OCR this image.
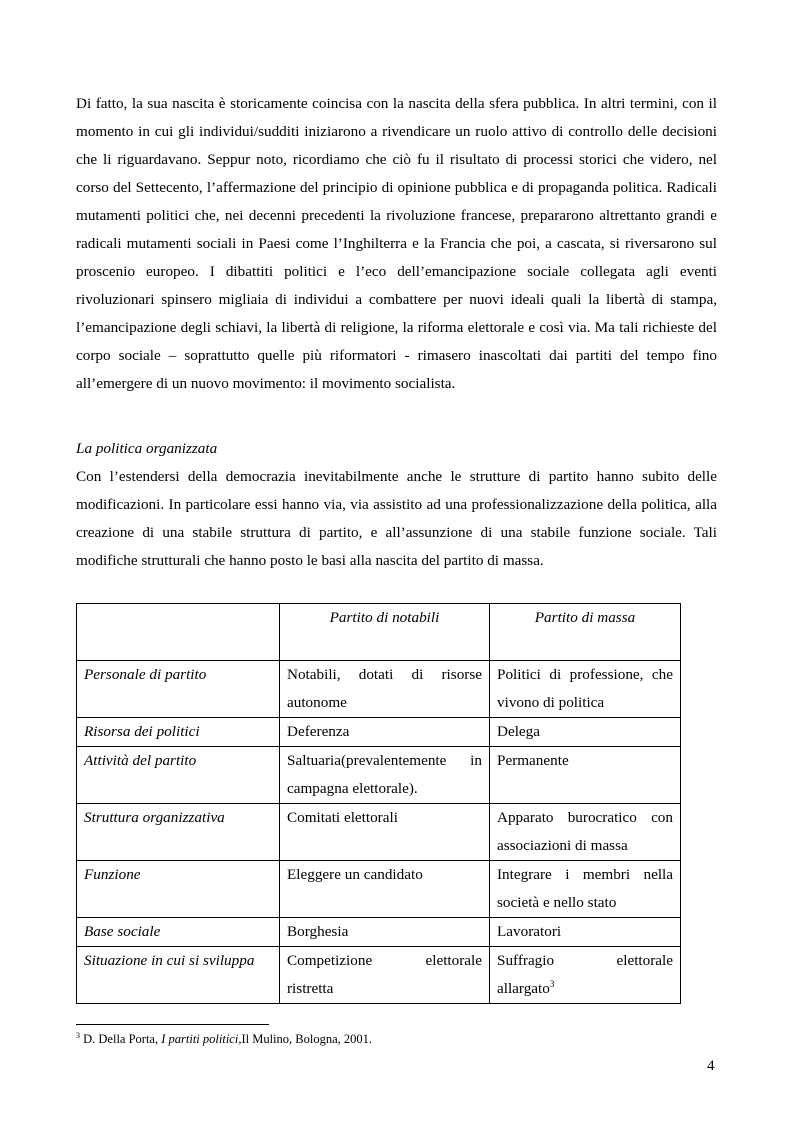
Di fatto, la sua nascita è storicamente coincisa con la nascita della sfera pubblica. In altri termini, con il momento in cui gli individui/sudditi iniziarono a rivendicare un ruolo attivo di controllo delle decisioni che li riguardavano. Seppur noto, ricordiamo che ciò fu il risultato di processi storici che videro, nel corso del Settecento, l’affermazione del principio di opinione pubblica e di propaganda politica. Radicali mutamenti politici che, nei decenni precedenti la rivoluzione francese, prepararono altrettanto grandi e radicali mutamenti sociali in Paesi come l’Inghilterra e la Francia che poi, a cascata, si riversarono sul proscenio europeo. I dibattiti politici e l’eco dell’emancipazione sociale collegata agli eventi rivoluzionari spinsero migliaia di individui a combattere per nuovi ideali quali la libertà di stampa, l’emancipazione degli schiavi, la libertà di religione, la riforma elettorale e così via. Ma tali richieste del corpo sociale – soprattutto quelle più riformatori - rimasero inascoltati dai partiti del tempo fino all’emergere di un nuovo movimento: il movimento socialista.

La politica organizzata

Con l’estendersi della democrazia inevitabilmente anche le strutture di partito hanno subito delle modificazioni. In particolare essi hanno via, via assistito ad una professionalizzazione della politica, alla creazione di una stabile struttura di partito, e all’assunzione di una stabile funzione sociale. Tali modifiche strutturali che hanno posto le basi alla nascita del partito di massa.

	Partito di notabili	Partito di massa
Personale di partito	Notabili, dotati di risorse autonome	Politici di professione, che vivono di politica
Risorsa dei politici	Deferenza	Delega
Attività del partito	Saltuaria(prevalentemente in campagna elettorale).	Permanente
Struttura organizzativa	Comitati elettorali	Apparato burocratico con associazioni di massa
Funzione	Eleggere un candidato	Integrare i membri nella società e nello stato
Base sociale	Borghesia	Lavoratori
Situazione in cui si sviluppa	Competizione elettorale ristretta	Suffragio elettorale allargato$^3$
$^3$ D. Della Porta, I partiti politici,Il Mulino, Bologna, 2001.
4
